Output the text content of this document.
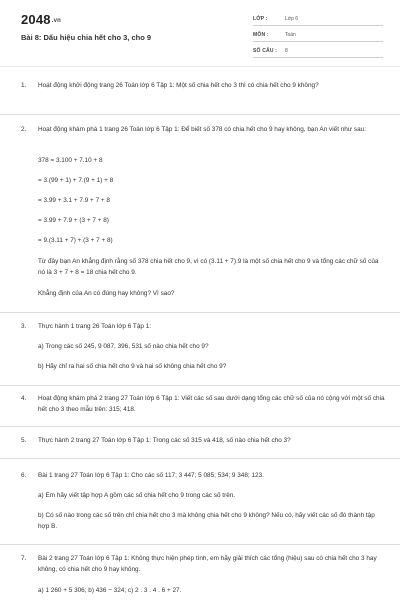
2048.vn
Bài 8: Dấu hiệu chia hết cho 3, cho 9
LỚP :	Lớp 6
MÔN :	Toán
SỐ CÂU : 8
1. Hoạt động khởi động trang 26 Toán lớp 6 Tập 1: Một số chia hết cho 3 thì có chia hết cho 9 không?
2. Hoạt động khám phá 1 trang 26 Toán lớp 6 Tập 1: Để biết số 378 có chia hết cho 9 hay không, bạn An viết như sau:
378 = 3.100 + 7.10 + 8
= 3.(99 + 1) + 7.(9 + 1) + 8
= 3.99 + 3.1 + 7.9 + 7 + 8
= 3.99 + 7.9 + (3 + 7 + 8)
= 9.(3.11 + 7) + (3 + 7 + 8)
Từ đây bạn An khẳng định rằng số 378 chia hết cho 9, vì có (3.11 + 7).9 là một số chia hết cho 9 và tổng các chữ số của nó là 3 + 7 + 8 = 18 chia hết cho 9.
Khẳng định của An có đúng hay không? Vì sao?
3. Thực hành 1 trang 26 Toán lớp 6 Tập 1:
a) Trong các số 245, 9 087, 396, 531 số nào chia hết cho 9?
b) Hãy chỉ ra hai số chia hết cho 9 và hai số không chia hết cho 9?
4. Hoạt động khám phá 2 trang 27 Toán lớp 6 Tập 1: Viết các số sau dưới dạng tổng các chữ số của nó cộng với một số chia hết cho 3 theo mẫu trên: 315; 418.
5. Thực hành 2 trang 27 Toán lớp 6 Tập 1: Trong các số 315 và 418, số nào chia hết cho 3?
6. Bài 1 trang 27 Toán lớp 6 Tập 1: Cho các số 117; 3 447; 5 085; 534; 9 348; 123.
a) Em hãy viết tập hợp A gồm các số chia hết cho 9 trong các số trên.
b) Có số nào trong các số trên chỉ chia hết cho 3 mà không chia hết cho 9 không? Nếu có, hãy viết các số đó thành tập hợp B.
7. Bài 2 trang 27 Toán lớp 6 Tập 1: Không thực hiện phép tính, em hãy giải thích các tổng (hiệu) sau có chia hết cho 3 hay không, có chia hết cho 9 hay không.
a) 1 260 + 5 306; b) 436 − 324; c) 2 . 3 . 4 . 6 + 27.
